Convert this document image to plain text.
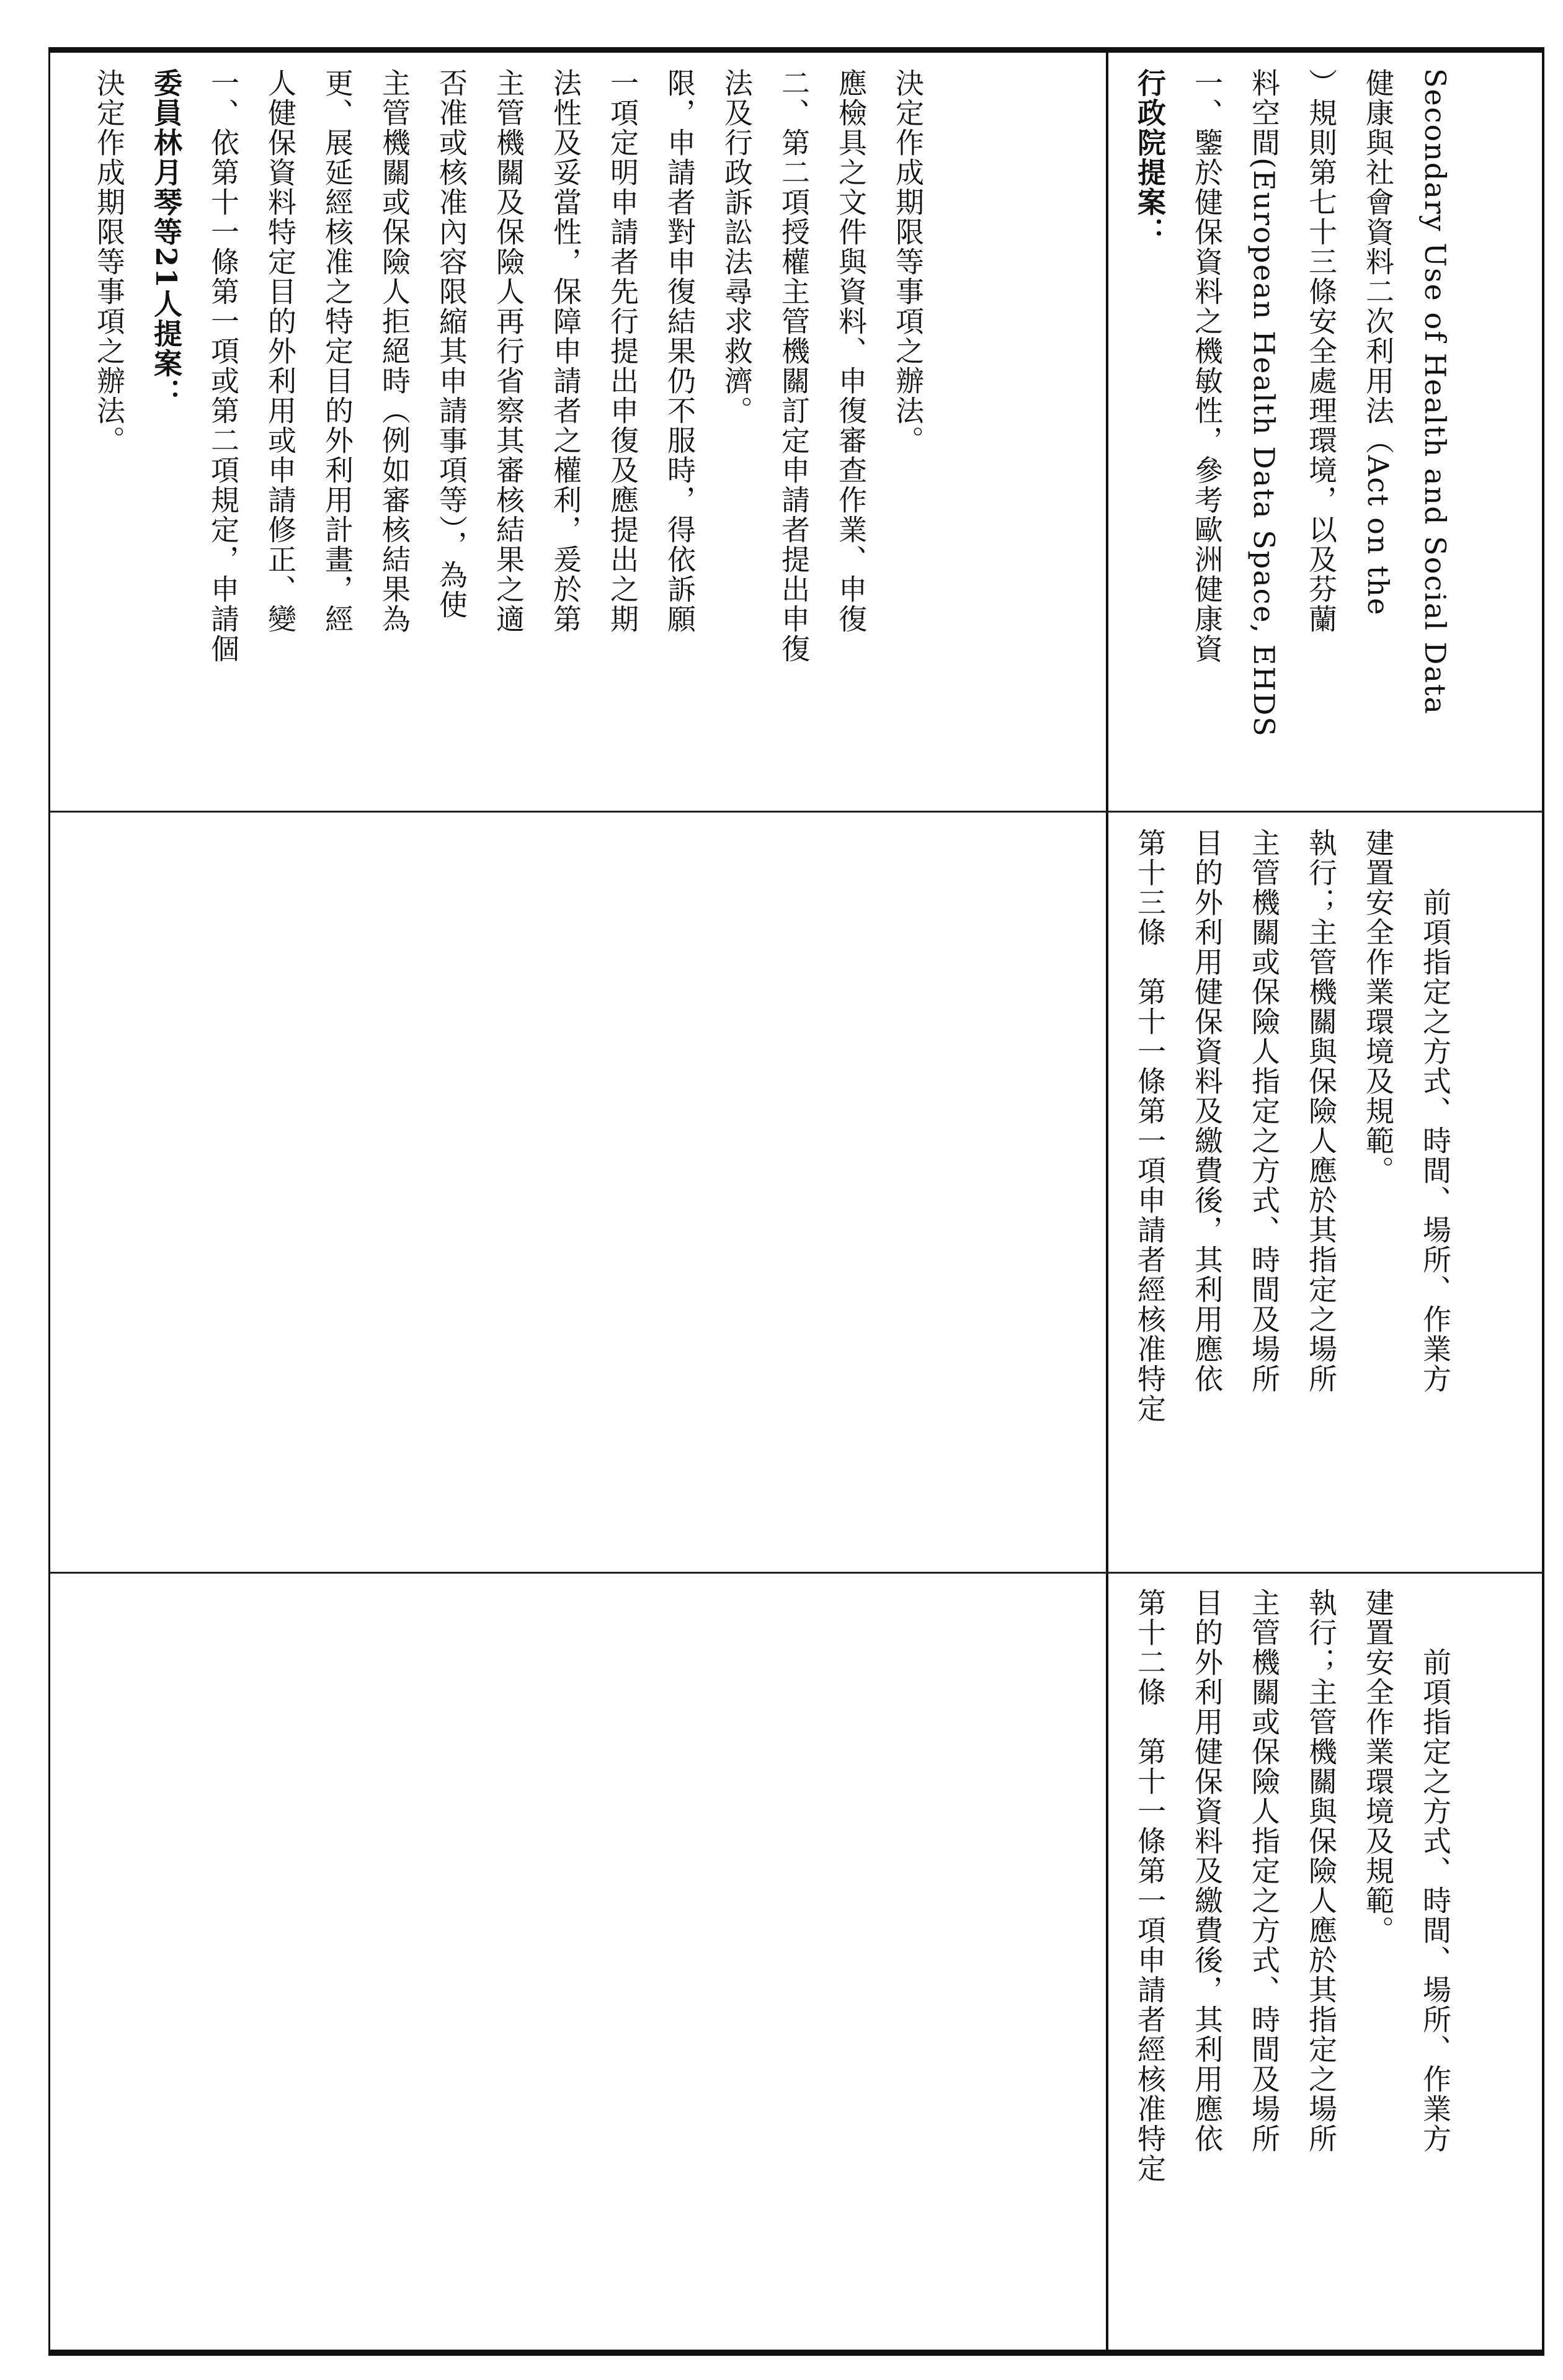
決定作成期限等事項之辦法。 委員林月琴等21人提案： 一、依第十一條第一項或第二項規定，申請個 人健保資料特定目的外利用或申請修正、變 更、展延經核准之特定目的外利用計畫，經 主管機關或保險人拒絕時（例如審核結果為 否准或核准內容限縮其申請事項等），為使 主管機關及保險人再行省察其審核結果之適 法性及妥當性，保障申請者之權利，爰於第 一項定明申請者先行提出申復及應提出之期 限，申請者對申復結果仍不服時，得依訴願 法及行政訴訟法尋求救濟。 二、第二項授權主管機關訂定申請者提出申復 應檢具之文件與資料、申復審查作業、申復 決定作成期限等事項之辦法。	行政院提案： 一、鑒於健保資料之機敏性，參考歐洲健康資 料空間(European Health Data Space, EHDS ）規則第七十三條安全處理環境，以及芬蘭 健康與社會資料二次利用法（Act on the Secondary Use of Health and Social Data

第十三條　第十一條第一項申請者經核准特定 目的外利用健保資料及繳費後，其利用應依 主管機關或保險人指定之方式、時間及場所 執行；主管機關與保險人應於其指定之場所 建置安全作業環境及規範。 　　前項指定之方式、時間、場所、作業方

第十二條　第十一條第一項申請者經核准特定 目的外利用健保資料及繳費後，其利用應依 主管機關或保險人指定之方式、時間及場所 執行；主管機關與保險人應於其指定之場所 建置安全作業環境及規範。 　　前項指定之方式、時間、場所、作業方
